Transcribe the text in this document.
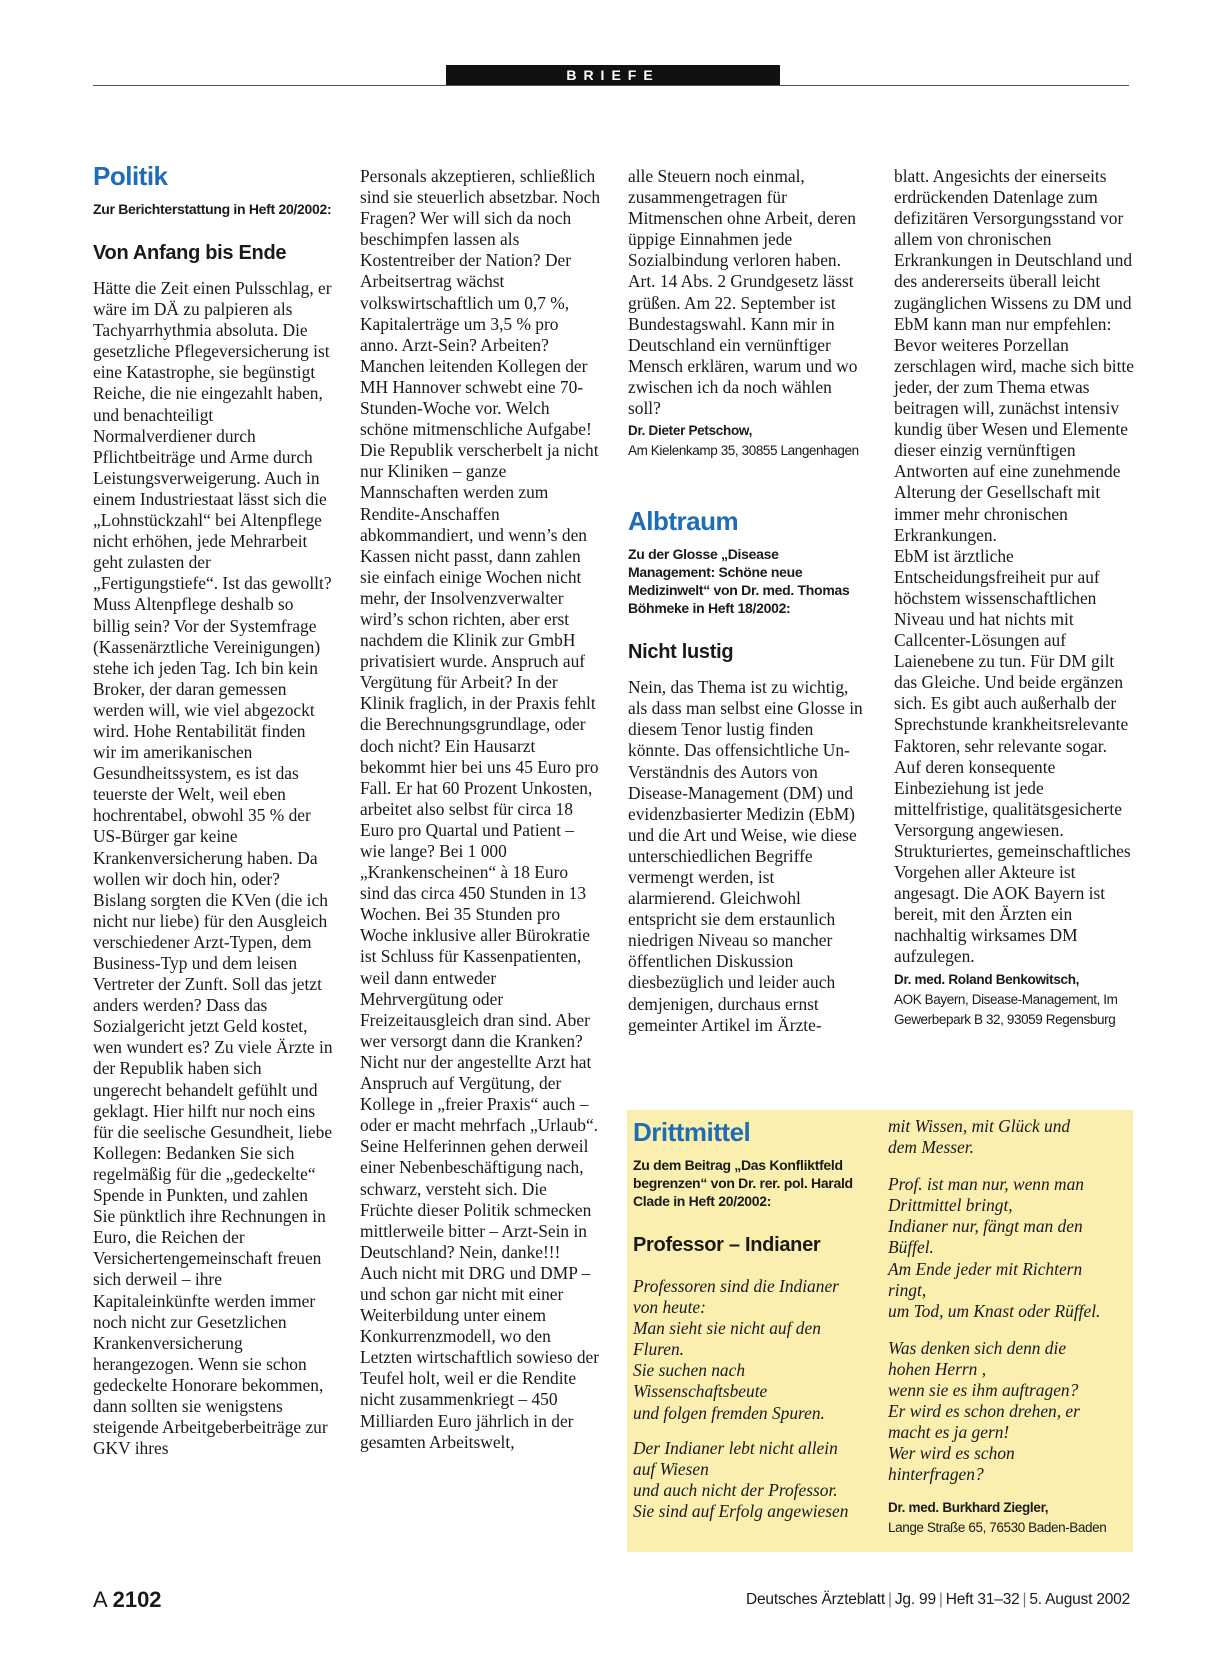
BRIEFE
Politik
Zur Berichterstattung in Heft 20/2002:
Von Anfang bis Ende

Hätte die Zeit einen Pulsschlag, er wäre im DÄ zu palpieren als Tachyarrhythmia absoluta. Die gesetzliche Pflegeversicherung ist eine Katastrophe, sie begünstigt Reiche, die nie eingezahlt haben, und benachteiligt Normalverdiener durch Pflichtbeiträge und Arme durch Leistungsverweigerung. Auch in einem Industriestaat lässt sich die „Lohnstückzahl“ bei Altenpflege nicht erhöhen, jede Mehrarbeit geht zulasten der „Fertigungstiefe“. Ist das gewollt? Muss Altenpflege deshalb so billig sein? Vor der Systemfrage (Kassenärztliche Vereinigungen) stehe ich jeden Tag. Ich bin kein Broker, der daran gemessen werden will, wie viel abgezockt wird. Hohe Rentabilität finden wir im amerikanischen Gesundheitssystem, es ist das teuerste der Welt, weil eben hochrentabel, obwohl 35 % der US-Bürger gar keine Krankenversicherung haben. Da wollen wir doch hin, oder? Bislang sorgten die KVen (die ich nicht nur liebe) für den Ausgleich verschiedener Arzt-Typen, dem Business-Typ und dem leisen Vertreter der Zunft. Soll das jetzt anders werden? Dass das Sozialgericht jetzt Geld kostet, wen wundert es? Zu viele Ärzte in der Republik haben sich ungerecht behandelt gefühlt und geklagt. Hier hilft nur noch eins für die seelische Gesundheit, liebe Kollegen: Bedanken Sie sich regelmäßig für die „gedeckelte“ Spende in Punkten, und zahlen Sie pünktlich ihre Rechnungen in Euro, die Reichen der Versichertengemeinschaft freuen sich derweil – ihre Kapitaleinkünfte werden immer noch nicht zur Gesetzlichen Krankenversicherung herangezogen. Wenn sie schon gedeckelte Honorare bekommen, dann sollten sie wenigstens steigende Arbeitgeberbeiträge zur GKV ihres

Personals akzeptieren, schließlich sind sie steuerlich absetzbar. Noch Fragen? Wer will sich da noch beschimpfen lassen als Kostentreiber der Nation? Der Arbeitsertrag wächst volkswirtschaftlich um 0,7 %, Kapitalerträge um 3,5 % pro anno. Arzt-Sein? Arbeiten? Manchen leitenden Kollegen der MH Hannover schwebt eine 70-Stunden-Woche vor. Welch schöne mitmenschliche Aufgabe! Die Republik verscherbelt ja nicht nur Kliniken – ganze Mannschaften werden zum Rendite-Anschaffen abkommandiert, und wenn’s den Kassen nicht passt, dann zahlen sie einfach einige Wochen nicht mehr, der Insolvenzverwalter wird’s schon richten, aber erst nachdem die Klinik zur GmbH privatisiert wurde. Anspruch auf Vergütung für Arbeit? In der Klinik fraglich, in der Praxis fehlt die Berechnungsgrundlage, oder doch nicht? Ein Hausarzt bekommt hier bei uns 45 Euro pro Fall. Er hat 60 Prozent Unkosten, arbeitet also selbst für circa 18 Euro pro Quartal und Patient – wie lange? Bei 1 000 „Krankenscheinen“ à 18 Euro sind das circa 450 Stunden in 13 Wochen. Bei 35 Stunden pro Woche inklusive aller Bürokratie ist Schluss für Kassenpatienten, weil dann entweder Mehrvergütung oder Freizeitausgleich dran sind. Aber wer versorgt dann die Kranken? Nicht nur der angestellte Arzt hat Anspruch auf Vergütung, der Kollege in „freier Praxis“ auch – oder er macht mehrfach „Urlaub“. Seine Helferinnen gehen derweil einer Nebenbeschäftigung nach, schwarz, versteht sich. Die Früchte dieser Politik schmecken mittlerweile bitter – Arzt-Sein in Deutschland? Nein, danke!!! Auch nicht mit DRG und DMP – und schon gar nicht mit einer Weiterbildung unter einem Konkurrenzmodell, wo den Letzten wirtschaftlich sowieso der Teufel holt, weil er die Rendite nicht zusammenkriegt – 450 Milliarden Euro jährlich in der gesamten Arbeitswelt,

alle Steuern noch einmal, zusammengetragen für Mitmenschen ohne Arbeit, deren üppige Einnahmen jede Sozialbindung verloren haben. Art. 14 Abs. 2 Grundgesetz lässt grüßen. Am 22. September ist Bundestagswahl. Kann mir in Deutschland ein vernünftiger Mensch erklären, warum und wo zwischen ich da noch wählen soll?

Dr. Dieter Petschow,
Am Kielenkamp 35, 30855 Langenhagen
Albtraum
Zu der Glosse „Disease Management: Schöne neue Medizinwelt“ von Dr. med. Thomas Böhmeke in Heft 18/2002:
Nicht lustig

Nein, das Thema ist zu wichtig, als dass man selbst eine Glosse in diesem Tenor lustig finden könnte. Das offensichtliche Un-Verständnis des Autors von Disease-Management (DM) und evidenzbasierter Medizin (EbM) und die Art und Weise, wie diese unterschiedlichen Begriffe vermengt werden, ist alarmierend. Gleichwohl entspricht sie dem erstaunlich niedrigen Niveau so mancher öffentlichen Diskussion diesbezüglich und leider auch demjenigen, durchaus ernst gemeinter Artikel im Ärzte-

blatt. Angesichts der einerseits erdrückenden Datenlage zum defizitären Versorgungsstand vor allem von chronischen Erkrankungen in Deutschland und des andererseits überall leicht zugänglichen Wissens zu DM und EbM kann man nur empfehlen: Bevor weiteres Porzellan zerschlagen wird, mache sich bitte jeder, der zum Thema etwas beitragen will, zunächst intensiv kundig über Wesen und Elemente dieser einzig vernünftigen Antworten auf eine zunehmende Alterung der Gesellschaft mit immer mehr chronischen Erkrankungen.

EbM ist ärztliche Entscheidungsfreiheit pur auf höchstem wissenschaftlichen Niveau und hat nichts mit Callcenter-Lösungen auf Laienebene zu tun. Für DM gilt das Gleiche. Und beide ergänzen sich. Es gibt auch außerhalb der Sprechstunde krankheitsrelevante Faktoren, sehr relevante sogar. Auf deren konsequente Einbeziehung ist jede mittelfristige, qualitätsgesicherte Versorgung angewiesen. Strukturiertes, gemeinschaftliches Vorgehen aller Akteure ist angesagt. Die AOK Bayern ist bereit, mit den Ärzten ein nachhaltig wirksames DM aufzulegen.

Dr. med. Roland Benkowitsch,
AOK Bayern, Disease-Management, Im Gewerbepark B 32, 93059 Regensburg
Drittmittel
Zu dem Beitrag „Das Konfliktfeld begrenzen“ von Dr. rer. pol. Harald Clade in Heft 20/2002:
Professor – Indianer
Professoren sind die Indianer
von heute:
Man sieht sie nicht auf den
Fluren.
Sie suchen nach
Wissenschaftsbeute
und folgen fremden Spuren.
Der Indianer lebt nicht allein
auf Wiesen
und auch nicht der Professor.
Sie sind auf Erfolg angewiesen
mit Wissen, mit Glück und
dem Messer.
Prof. ist man nur, wenn man
Drittmittel bringt,
Indianer nur, fängt man den
Büffel.
Am Ende jeder mit Richtern
ringt,
um Tod, um Knast oder Rüffel.
Was denken sich denn die
hohen Herrn ,
wenn sie es ihm auftragen?
Er wird es schon drehen, er
macht es ja gern!
Wer wird es schon
hinterfragen?
Dr. med. Burkhard Ziegler,
Lange Straße 65, 76530 Baden-Baden
A 2102	Deutsches Ärzteblatt | Jg. 99 | Heft 31–32 | 5. August 2002
